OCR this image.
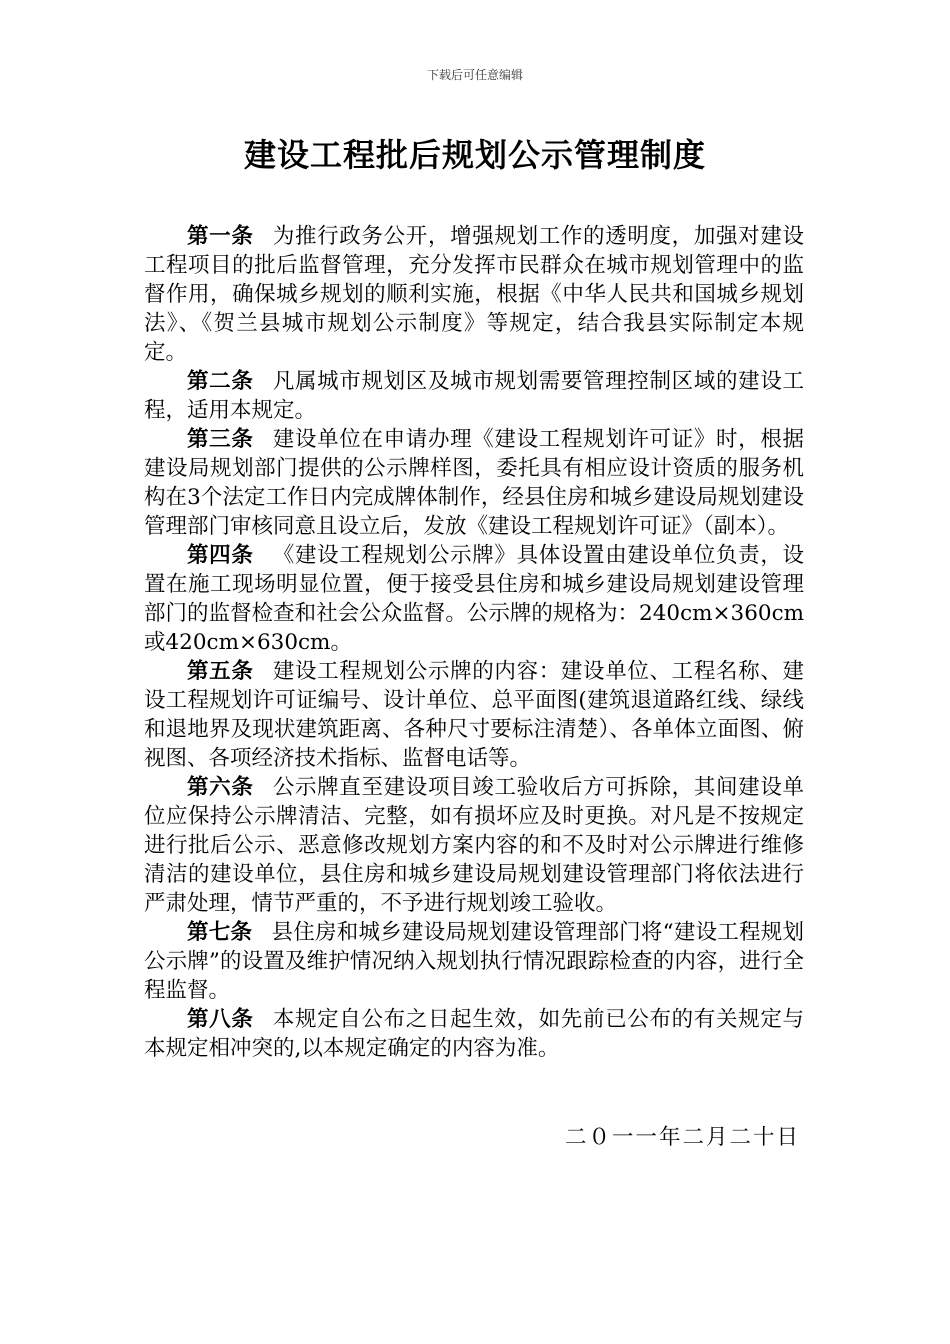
下载后可任意编辑
建设工程批后规划公示管理制度

第一条 为推行政务公开，增强规划工作的透明度，加强对建设工程项目的批后监督管理，充分发挥市民群众在城市规划管理中的监督作用，确保城乡规划的顺利实施，根据《中华人民共和国城乡规划法》、《贺兰县城市规划公示制度》等规定，结合我县实际制定本规定。

第二条 凡属城市规划区及城市规划需要管理控制区域的建设工程，适用本规定。

第三条 建设单位在申请办理《建设工程规划许可证》时，根据建设局规划部门提供的公示牌样图，委托具有相应设计资质的服务机构在3个法定工作日内完成牌体制作，经县住房和城乡建设局规划建设管理部门审核同意且设立后，发放《建设工程规划许可证》（副本）。

第四条 《建设工程规划公示牌》具体设置由建设单位负责，设置在施工现场明显位置，便于接受县住房和城乡建设局规划建设管理部门的监督检查和社会公众监督。公示牌的规格为：240cm×360cm或420cm×630cm。

第五条 建设工程规划公示牌的内容：建设单位、工程名称、建设工程规划许可证编号、设计单位、总平面图(建筑退道路红线、绿线和退地界及现状建筑距离、各种尺寸要标注清楚）、各单体立面图、俯视图、各项经济技术指标、监督电话等。

第六条 公示牌直至建设项目竣工验收后方可拆除，其间建设单位应保持公示牌清洁、完整，如有损坏应及时更换。对凡是不按规定进行批后公示、恶意修改规划方案内容的和不及时对公示牌进行维修清洁的建设单位，县住房和城乡建设局规划建设管理部门将依法进行严肃处理，情节严重的，不予进行规划竣工验收。

第七条 县住房和城乡建设局规划建设管理部门将“建设工程规划公示牌”的设置及维护情况纳入规划执行情况跟踪检查的内容，进行全程监督。

第八条 本规定自公布之日起生效，如先前已公布的有关规定与本规定相冲突的,以本规定确定的内容为准。

二０一一年二月二十日
